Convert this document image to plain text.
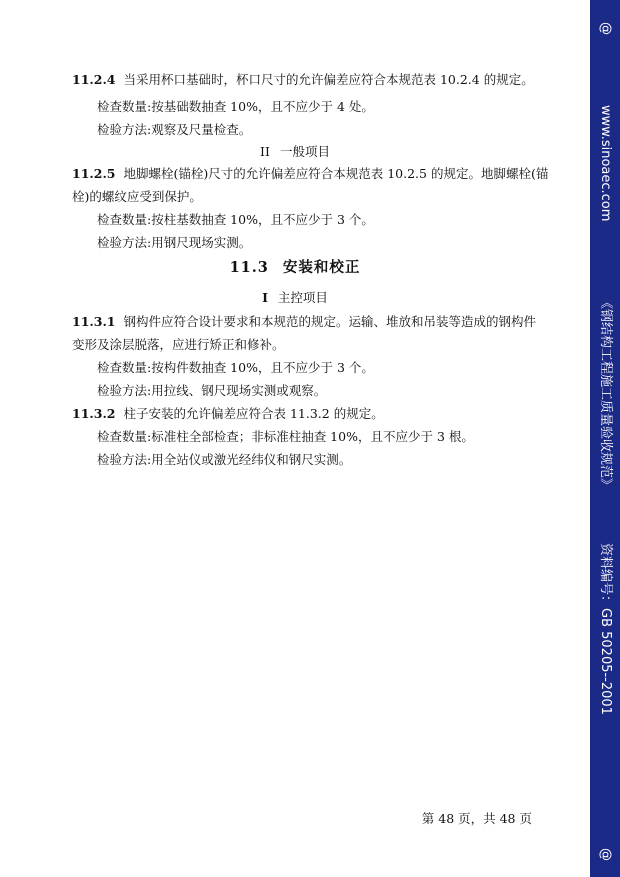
11.2.4 当采用杯口基础时，杯口尺寸的允许偏差应符合本规范表 10.2.4 的规定。
检查数量:按基础数抽查 10%，且不应少于 4 处。
检验方法:观察及尺量检查。
II 一般项目
11.2.5 地脚螺栓(锚栓)尺寸的允许偏差应符合本规范表 10.2.5 的规定。地脚螺栓(锚
栓)的螺纹应受到保护。
检查数量:按柱基数抽查 10%，且不应少于 3 个。
检验方法:用钢尺现场实测。
11.3 安装和校正
I 主控项目
11.3.1 钢构件应符合设计要求和本规范的规定。运输、堆放和吊装等造成的钢构件
变形及涂层脱落，应进行矫正和修补。
检查数量:按构件数抽查 10%，且不应少于 3 个。
检验方法:用拉线、钢尺现场实测或观察。
11.3.2 柱子安装的允许偏差应符合表 11.3.2 的规定。
检查数量:标准柱全部检查；非标准柱抽查 10%，且不应少于 3 根。
检验方法:用全站仪或激光经纬仪和钢尺实测。
第 48 页，共 48 页
@
www.sinoaec.com
《钢结构工程施工质量验收规范》
资料编号：GB 50205--2001
@
